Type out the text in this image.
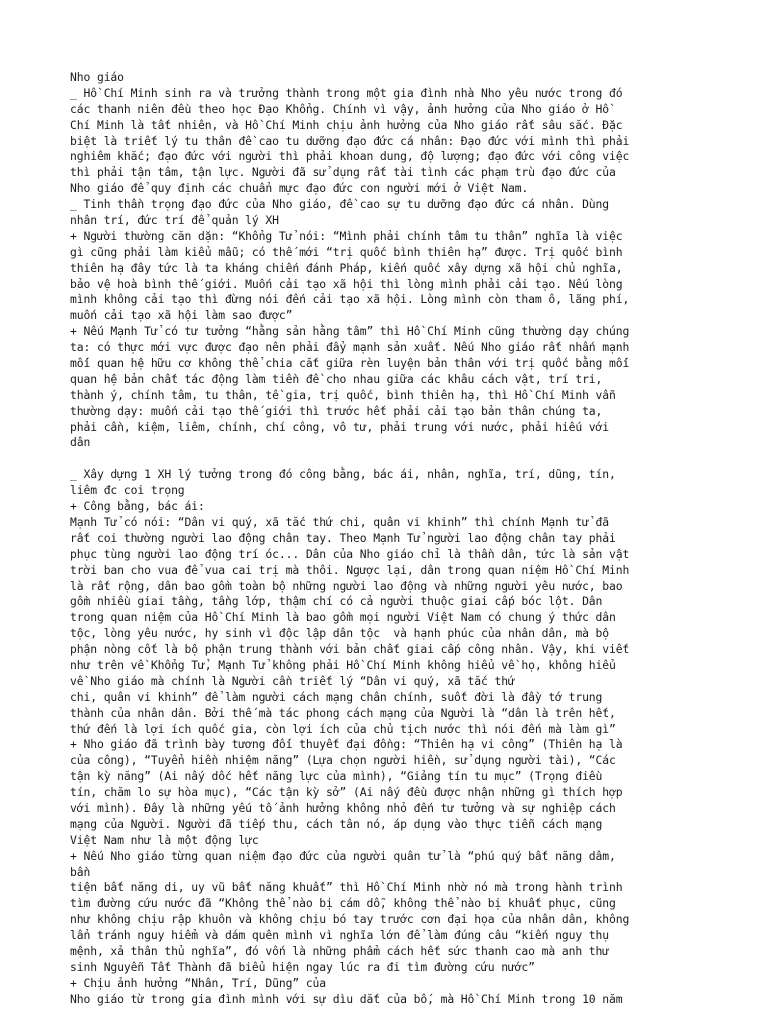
Nho giáo
_ Hồ Chí Minh sinh ra và trưởng thành trong một gia đình nhà Nho yêu nước trong đó
các thanh niên đều theo học Đạo Khổng. Chính vì vậy, ảnh hưởng của Nho giáo ở Hồ
Chí Minh là tất nhiên, và Hồ Chí Minh chịu ảnh hưởng của Nho giáo rất sâu sắc. Đặc
biệt là triết lý tu thân đề cao tu dưỡng đạo đức cá nhân: Đạo đức với mình thì phải
nghiêm khắc; đạo đức với người thì phải khoan dung, độ lượng; đạo đức với công việc
thì phải tận tâm, tận lực. Người đã sử dụng rất tài tình các phạm trù đạo đức của
Nho giáo để quy định các chuẩn mực đạo đức con người mới ở Việt Nam.
_ Tinh thần trọng đạo đức của Nho giáo, đề cao sự tu dưỡng đạo đức cá nhân. Dùng
nhân trí, đức trí để quản lý XH
+ Người thường căn dặn: “Khổng Tử nói: “Mình phải chính tâm tu thân” nghĩa là việc
gì cũng phải làm kiểu mẫu; có thế mới “trị quốc bình thiên hạ” được. Trị quốc bình
thiên hạ đây tức là ta kháng chiến đánh Pháp, kiến quốc xây dựng xã hội chủ nghĩa,
bảo vệ hoà bình thế giới. Muốn cải tạo xã hội thì lòng mình phải cải tạo. Nếu lòng
mình không cải tạo thì đừng nói đến cải tạo xã hội. Lòng mình còn tham ô, lãng phí,
muốn cải tạo xã hội làm sao được”
+ Nếu Mạnh Tử có tư tưởng “hằng sản hằng tâm” thì Hồ Chí Minh cũng thường dạy chúng
ta: có thực mới vực được đạo nên phải đẩy mạnh sản xuất. Nếu Nho giáo rất nhấn mạnh
mối quan hệ hữu cơ không thể chia cắt giữa rèn luyện bản thân với trị quốc bằng mối
quan hệ bản chất tác động làm tiền đề cho nhau giữa các khâu cách vật, trí tri,
thành ý, chính tâm, tu thân, tề gia, trị quốc, bình thiên hạ, thì Hồ Chí Minh vẫn
thường dạy: muốn cải tạo thế giới thì trước hết phải cải tạo bản thân chúng ta,
phải cần, kiệm, liêm, chính, chí công, vô tư, phải trung với nước, phải hiếu với
dân
_ Xây dựng 1 XH lý tưởng trong đó công bằng, bác ái, nhân, nghĩa, trí, dũng, tín,
liêm đc coi trọng
+ Công bằng, bác ái:
Mạnh Tử có nói: “Dân vi quý, xã tắc thứ chi, quân vi khinh” thì chính Mạnh tử đã
rất coi thường người lao động chân tay. Theo Mạnh Tử người lao động chân tay phải
phục tùng người lao động trí óc... Dân của Nho giáo chỉ là thần dân, tức là sản vật
trời ban cho vua để vua cai trị mà thôi. Ngược lại, dân trong quan niệm Hồ Chí Minh
là rất rộng, dân bao gồm toàn bộ những người lao động và những người yêu nước, bao
gồm nhiều giai tầng, tầng lớp, thậm chí có cả người thuộc giai cấp bóc lột. Dân
trong quan niệm của Hồ Chí Minh là bao gồm mọi người Việt Nam có chung ý thức dân
tộc, lòng yêu nước, hy sinh vì độc lập dân tộc  và hạnh phúc của nhân dân, mà bộ
phận nòng cốt là bộ phận trung thành với bản chất giai cấp công nhân. Vậy, khi viết
như trên về Khổng Tử, Mạnh Tử không phải Hồ Chí Minh không hiểu về họ, không hiểu
về Nho giáo mà chính là Người cần triết lý “Dân vi quý, xã tắc thứ
chi, quân vi khinh” để làm người cách mạng chân chính, suốt đời là đầy tớ trung
thành của nhân dân. Bởi thế mà tác phong cách mạng của Người là “dân là trên hết,
thứ đến là lợi ích quốc gia, còn lợi ích của chủ tịch nước thì nói đến mà làm gì”
+ Nho giáo đã trình bày tương đối thuyết đại đồng: “Thiên hạ vi công” (Thiên hạ là
của công), “Tuyển hiền nhiệm năng” (Lựa chọn người hiền, sử dụng người tài), “Các
tận kỳ năng” (Ai nấy dốc hết năng lực của mình), “Giảng tín tu mục” (Trọng điều
tín, chăm lo sự hòa mục), “Các tận kỳ sở” (Ai nấy đều được nhận những gì thích hợp
với mình). Đây là những yếu tố ảnh hưởng không nhỏ đến tư tưởng và sự nghiệp cách
mạng của Người. Người đã tiếp thu, cách tân nó, áp dụng vào thực tiễn cách mạng
Việt Nam như là một động lực
+ Nếu Nho giáo từng quan niệm đạo đức của người quân tử là “phú quý bất năng dâm,
bần
tiện bất năng di, uy vũ bất năng khuất” thì Hồ Chí Minh nhờ nó mà trong hành trình
tìm đường cứu nước đã “Không thể nào bị cám dỗ, không thể nào bị khuất phục, cũng
như không chịu rập khuôn và không chịu bó tay trước cơn đại họa của nhân dân, không
lẩn tránh nguy hiểm và dám quên mình vì nghĩa lớn để làm đúng câu “kiến nguy thụ
mệnh, xả thân thủ nghĩa”, đó vốn là những phẩm cách hết sức thanh cao mà anh thư
sinh Nguyễn Tất Thành đã biểu hiện ngay lúc ra đi tìm đường cứu nước”
+ Chịu ảnh hưởng “Nhân, Trí, Dũng” của
Nho giáo từ trong gia đình mình với sự dìu dắt của bố, mà Hồ Chí Minh trong 10 năm
